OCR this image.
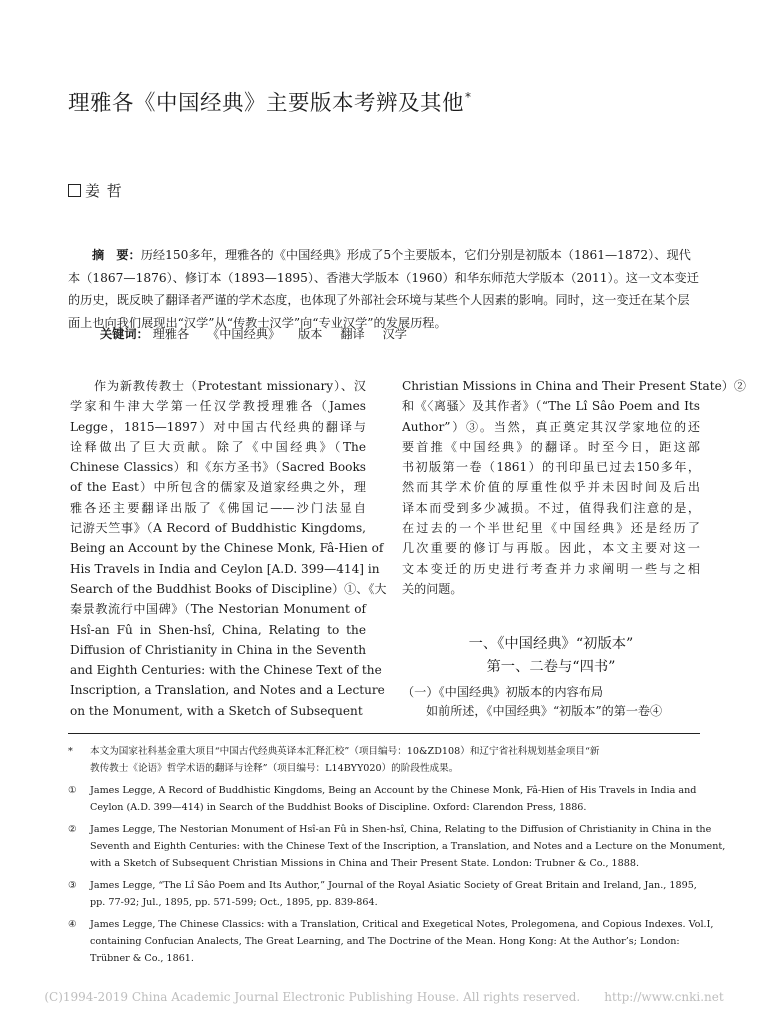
理雅各《中国经典》主要版本考辨及其他*
姜 哲
摘　要：历经150多年，理雅各的《中国经典》形成了5个主要版本，它们分别是初版本（1861—1872）、现代本（1867—1876）、修订本（1893—1895）、香港大学版本（1960）和华东师范大学版本（2011）。这一文本变迁的历史，既反映了翻译者严谨的学术态度，也体现了外部社会环境与某些个人因素的影响。同时，这一变迁在某个层面上也向我们展现出“汉学”从“传教士汉学”向“专业汉学”的发展历程。
关键词： 理雅各 《中国经典》 版本 翻译 汉学
作为新教传教士（Protestant missionary）、汉
学家和牛津大学第一任汉学教授理雅各（James
Legge，1815—1897）对中国古代经典的翻译与
诠释做出了巨大贡献。除了《中国经典》（The
Chinese Classics）和《东方圣书》（Sacred Books
of the East）中所包含的儒家及道家经典之外，理
雅各还主要翻译出版了《佛国记——沙门法显自
记游天竺事》（A Record of Buddhistic Kingdoms,
Being an Account by the Chinese Monk, Fâ-Hien of
His Travels in India and Ceylon [A.D. 399—414] in
Search of the Buddhist Books of Discipline）①、《大
秦景教流行中国碑》（The Nestorian Monument of
Hsî-an Fû in Shen-hsî, China, Relating to the
Diffusion of Christianity in China in the Seventh
and Eighth Centuries: with the Chinese Text of the
Inscription, a Translation, and Notes and a Lecture
on the Monument, with a Sketch of Subsequent
Christian Missions in China and Their Present State）②
和《〈离骚〉及其作者》（“The Lî Sâo Poem and Its
Author”）③。当然，真正奠定其汉学家地位的还
要首推《中国经典》的翻译。时至今日，距这部
书初版第一卷（1861）的刊印虽已过去150多年，
然而其学术价值的厚重性似乎并未因时间及后出
译本而受到多少减损。不过，值得我们注意的是，
在过去的一个半世纪里《中国经典》还是经历了
几次重要的修订与再版。因此，本文主要对这一
文本变迁的历史进行考查并力求阐明一些与之相
关的问题。
一、《中国经典》“初版本”
第一、二卷与“四书”
（一）《中国经典》初版本的内容布局
如前所述，《中国经典》“初版本”的第一卷④
* 本文为国家社科基金重大项目“中国古代经典英译本汇释汇校”（项目编号：10&ZD108）和辽宁省社科规划基金项目“新
教传教士《论语》哲学术语的翻译与诠释”（项目编号：L14BYY020）的阶段性成果。
① James Legge, A Record of Buddhistic Kingdoms, Being an Account by the Chinese Monk, Fâ-Hien of His Travels in India and
Ceylon (A.D. 399—414) in Search of the Buddhist Books of Discipline. Oxford: Clarendon Press, 1886.
② James Legge, The Nestorian Monument of Hsî-an Fû in Shen-hsî, China, Relating to the Diffusion of Christianity in China in the
Seventh and Eighth Centuries: with the Chinese Text of the Inscription, a Translation, and Notes and a Lecture on the Monument,
with a Sketch of Subsequent Christian Missions in China and Their Present State. London: Trubner & Co., 1888.
③ James Legge, “The Lî Sâo Poem and Its Author,” Journal of the Royal Asiatic Society of Great Britain and Ireland, Jan., 1895,
pp. 77-92; Jul., 1895, pp. 571-599; Oct., 1895, pp. 839-864.
④ James Legge, The Chinese Classics: with a Translation, Critical and Exegetical Notes, Prolegomena, and Copious Indexes. Vol.I,
containing Confucian Analects, The Great Learning, and The Doctrine of the Mean. Hong Kong: At the Author’s; London:
Trübner & Co., 1861.
(C)1994-2019 China Academic Journal Electronic Publishing House. All rights reserved. http://www.cnki.net
